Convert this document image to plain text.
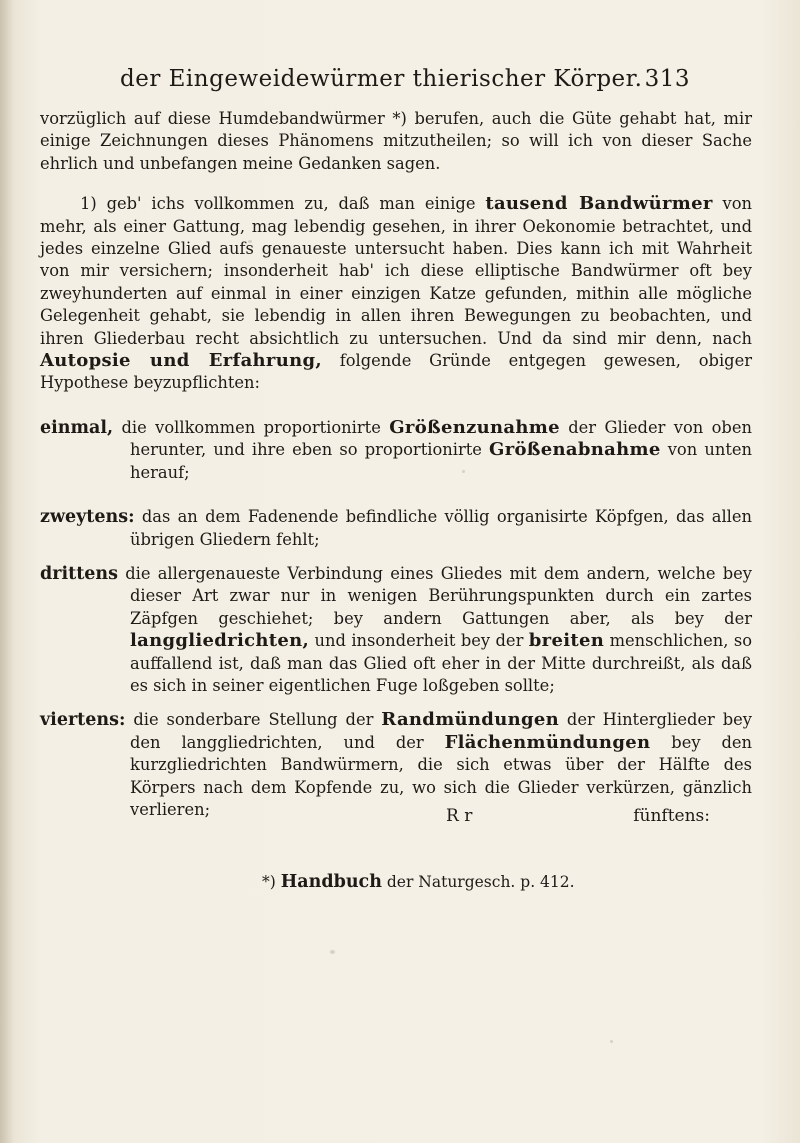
der Eingeweidewürmer thierischer Körper. 313

vorzüglich auf diese Humdebandwürmer *) berufen, auch die Güte gehabt hat, mir einige Zeichnungen dieses Phänomens mitzutheilen; so will ich von dieser Sache ehrlich und unbefangen meine Gedanken sagen.

1) geb' ichs vollkommen zu, daß man einige tausend Bandwürmer von mehr, als einer Gattung, mag lebendig gesehen, in ihrer Oekonomie betrachtet, und jedes einzelne Glied aufs genaueste untersucht haben. Dies kann ich mit Wahrheit von mir versichern; insonderheit hab' ich diese elliptische Bandwürmer oft bey zweyhunderten auf einmal in einer einzigen Katze gefunden, mithin alle mögliche Gelegenheit gehabt, sie lebendig in allen ihren Bewegungen zu beobachten, und ihren Gliederbau recht absichtlich zu untersuchen. Und da sind mir denn, nach Autopsie und Erfahrung, folgende Gründe entgegen gewesen, obiger Hypothese beyzupflichten:

einmal, die vollkommen proportionirte Größenzunahme der Glieder von oben herunter, und ihre eben so proportionirte Größenabnahme von unten herauf;

zweytens: das an dem Fadenende befindliche völlig organisirte Köpfgen, das allen übrigen Gliedern fehlt;

drittens die allergenaueste Verbindung eines Gliedes mit dem andern, welche bey dieser Art zwar nur in wenigen Berührungspunkten durch ein zartes Zäpfgen geschiehet; bey andern Gattungen aber, als bey der langgliedrichten, und insonderheit bey der breiten menschlichen, so auffallend ist, daß man das Glied oft eher in der Mitte durchreißt, als daß es sich in seiner eigentlichen Fuge loßgeben sollte;

viertens: die sonderbare Stellung der Randmündungen der Hinterglieder bey den langgliedrichten, und der Flächenmündungen bey den kurzgliedrichten Bandwürmern, die sich etwas über der Hälfte des Körpers nach dem Kopfende zu, wo sich die Glieder verkürzen, gänzlich verlieren;	R r	fünftens:
*) Handbuch der Naturgesch. p. 412.
